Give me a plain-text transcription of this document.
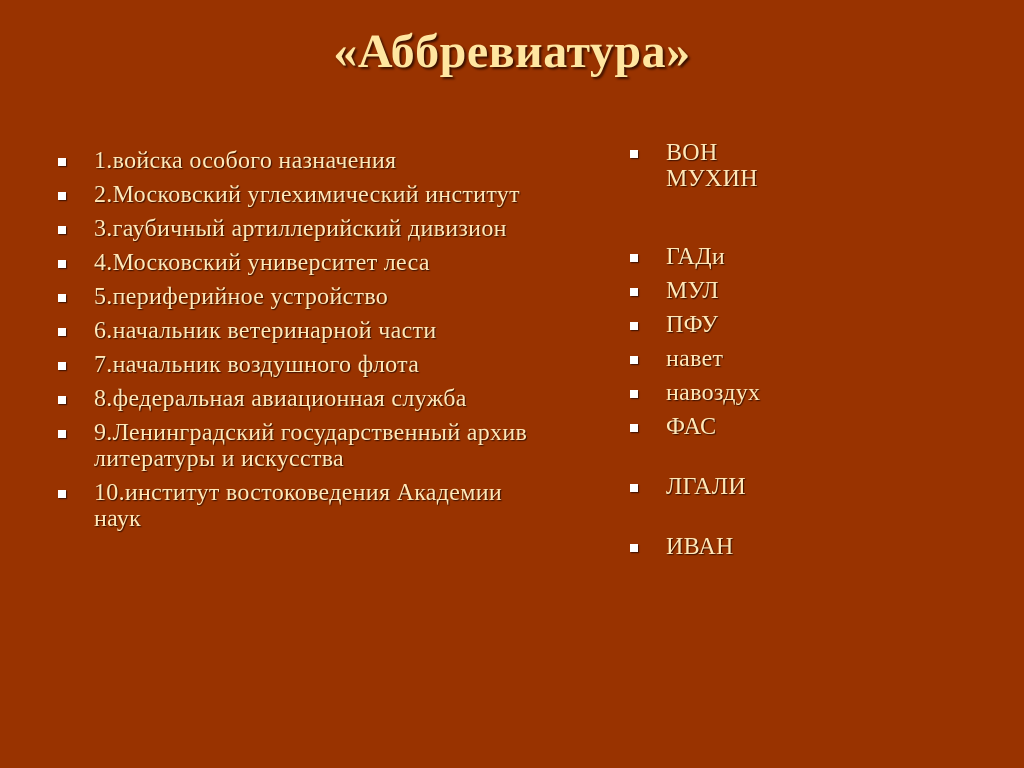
«Аббревиатура»
1.войска особого назначения
2.Московский углехимический институт
3.гаубичный артиллерийский дивизион
4.Московский университет леса
5.периферийное устройство
6.начальник ветеринарной части
7.начальник воздушного флота
8.федеральная авиационная служба
9.Ленинградский государственный архив литературы и искусства
10.институт востоковедения Академии наук
ВОН МУХИН
ГАДи
МУЛ
ПФУ
навет
навоздух
ФАС
ЛГАЛИ
ИВАН
